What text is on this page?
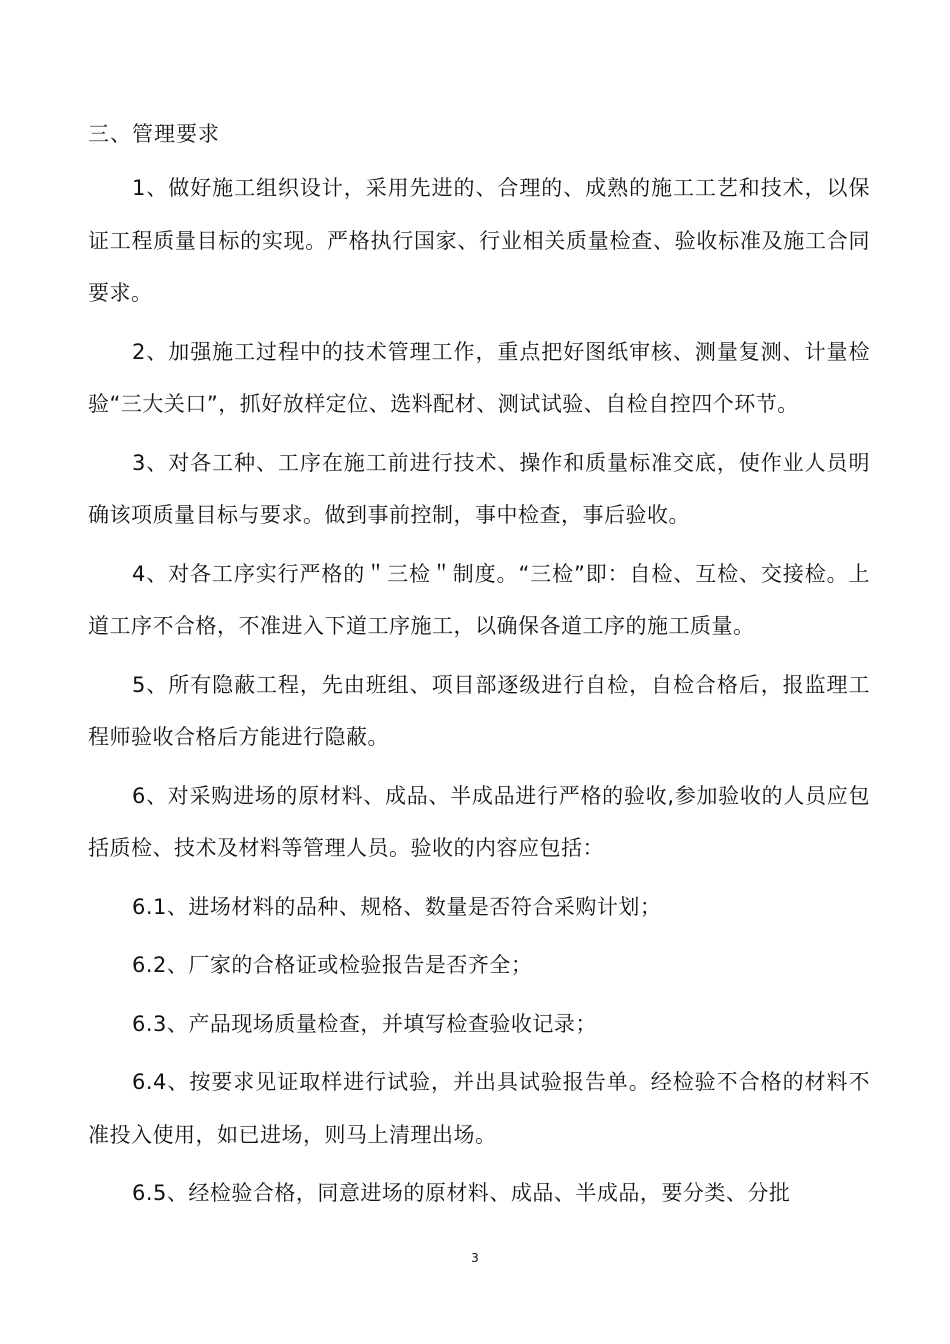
三、管理要求

1、做好施工组织设计，采用先进的、合理的、成熟的施工工艺和技术，以保证工程质量目标的实现。严格执行国家、行业相关质量检查、验收标准及施工合同要求。

2、加强施工过程中的技术管理工作，重点把好图纸审核、测量复测、计量检验“三大关口”，抓好放样定位、选料配材、测试试验、自检自控四个环节。

3、对各工种、工序在施工前进行技术、操作和质量标准交底，使作业人员明确该项质量目标与要求。做到事前控制，事中检查，事后验收。

4、对各工序实行严格的＂三检＂制度。“三检”即：自检、互检、交接检。上道工序不合格，不准进入下道工序施工，以确保各道工序的施工质量。

5、所有隐蔽工程，先由班组、项目部逐级进行自检，自检合格后，报监理工程师验收合格后方能进行隐蔽。

6、对采购进场的原材料、成品、半成品进行严格的验收,参加验收的人员应包括质检、技术及材料等管理人员。验收的内容应包括：

6.1、进场材料的品种、规格、数量是否符合采购计划；

6.2、厂家的合格证或检验报告是否齐全；

6.3、产品现场质量检查，并填写检查验收记录；

6.4、按要求见证取样进行试验，并出具试验报告单。经检验不合格的材料不准投入使用，如已进场，则马上清理出场。

6.5、经检验合格，同意进场的原材料、成品、半成品，要分类、分批

3
